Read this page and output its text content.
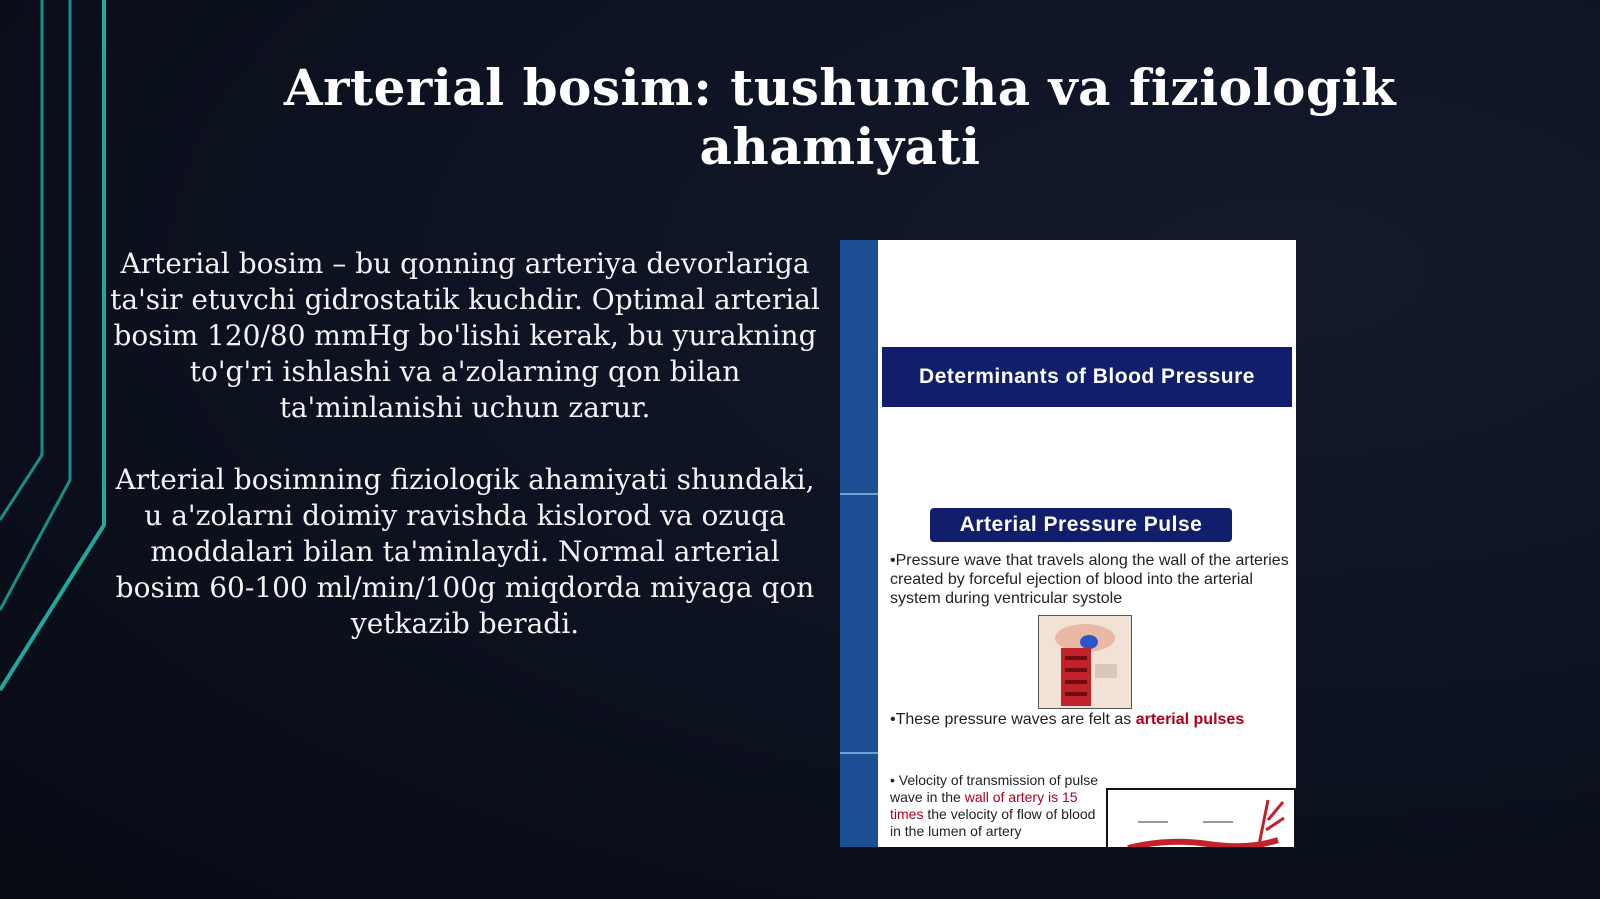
Arterial bosim: tushuncha va fiziologik ahamiyati

Arterial bosim – bu qonning arteriya devorlariga ta'sir etuvchi gidrostatik kuchdir. Optimal arterial bosim 120/80 mmHg bo'lishi kerak, bu yurakning to'g'ri ishlashi va a'zolarning qon bilan ta'minlanishi uchun zarur.

Arterial bosimning fiziologik ahamiyati shundaki, u a'zolarni doimiy ravishda kislorod va ozuqa moddalari bilan ta'minlaydi. Normal arterial bosim 60-100 ml/min/100g miqdorda miyaga qon yetkazib beradi.

Determinants of Blood Pressure
Arterial Pressure Pulse
•Pressure wave that travels along the wall of the arteries created by forceful ejection of blood into the arterial system during ventricular systole
•These pressure waves are felt as arterial pulses
• Velocity of transmission of pulse wave in the wall of artery is 15 times the velocity of flow of blood in the lumen of artery
